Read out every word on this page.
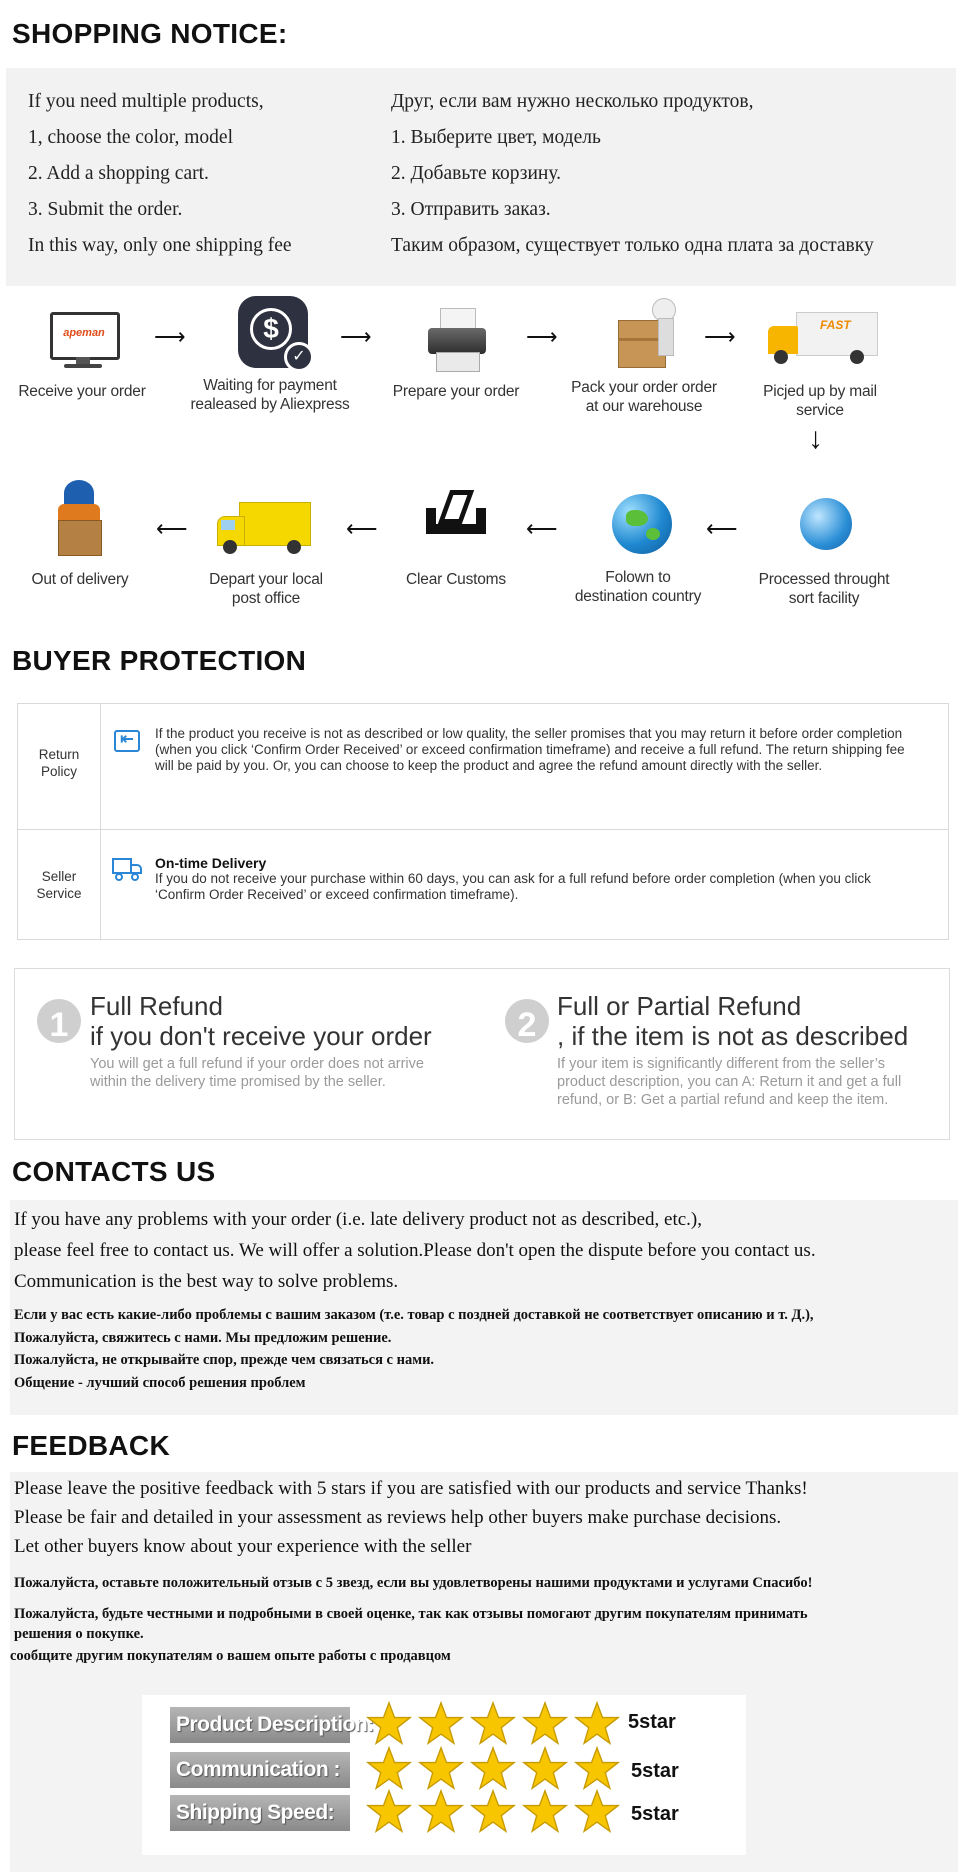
SHOPPING NOTICE:
If you need multiple products,
1, choose the color, model
2. Add a shopping cart.
3. Submit the order.
In this way, only one shipping fee
Друг, если вам нужно несколько продуктов,
1. Выберите цвет, модель
2. Добавьте корзину.
3. Отправить заказ.
Таким образом, существует только одна плата за доставку
apeman
Receive your order
⟶	$
✓
Waiting for payment
realeased by Aliexpress
⟶
Prepare your order
⟶
Pack your order order
at our warehouse
⟶	FAST
Picjed up by mail service
↓
Processed throught
sort facility
⟵
Folown to
destination country
⟵
Clear Customs
⟵
Depart your local
post office
⟵
Out of delivery
BUYER PROTECTION
Return
Policy
⇤	If the product you receive is not as described or low quality, the seller promises that you may return it before order completion
(when you click ‘Confirm Order Received’ or exceed confirmation timeframe) and receive a full refund. The return shipping fee
will be paid by you. Or, you can choose to keep the product and agree the refund amount directly with the seller.
Seller
Service
On-time Delivery
If you do not receive your purchase within 60 days, you can ask for a full refund before order completion (when you click
‘Confirm Order Received’ or exceed confirmation timeframe).
1 Full Refund
if you don't receive your order
You will get a full refund if your order does not arrive
within the delivery time promised by the seller.
2 Full or Partial Refund
, if the item is not as described
If your item is significantly different from the seller’s
product description, you can A: Return it and get a full
refund, or B: Get a partial refund and keep the item.
CONTACTS US
If you have any problems with your order (i.e. late delivery product not as described, etc.),
please feel free to contact us. We will offer a solution.Please don't open the dispute before you contact us.
Communication is the best way to solve problems.
Если у вас есть какие-либо проблемы с вашим заказом (т.е. товар с поздней доставкой не соответствует описанию и т. Д.),
Пожалуйста, свяжитесь с нами. Мы предложим решение.
Пожалуйста, не открывайте спор, прежде чем связаться с нами.
Общение - лучший способ решения проблем
FEEDBACK
Please leave the positive feedback with 5 stars if you are satisfied with our products and service Thanks!
Please be fair and detailed in your assessment as reviews help other buyers make purchase decisions.
Let other buyers know about your experience with the seller
Пожалуйста, оставьте положительный отзыв с 5 звезд, если вы удовлетворены нашими продуктами и услугами Спасибо!
Пожалуйста, будьте честными и подробными в своей оценке, так как отзывы помогают другим покупателям принимать
решения о покупке.
сообщите другим покупателям о вашем опыте работы с продавцом
Product Description:	5star
Communication :	5star
Shipping Speed:	5star
